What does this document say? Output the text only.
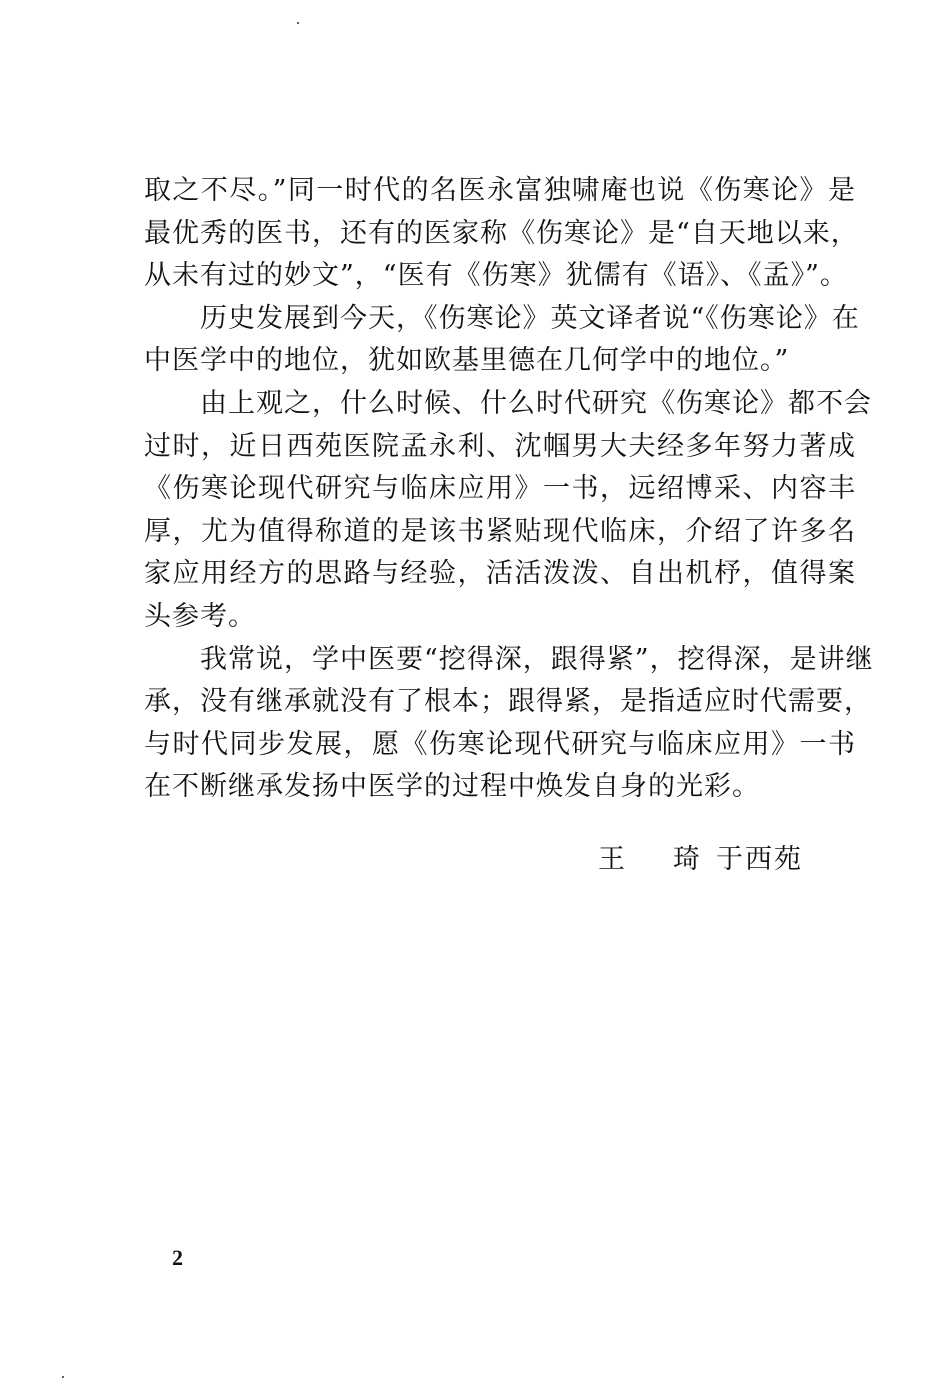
取之不尽。”同一时代的名医永富独啸庵也说《伤寒论》是
最优秀的医书，还有的医家称《伤寒论》是“自天地以来，
从未有过的妙文”，“医有《伤寒》犹儒有《语》、《孟》”。
历史发展到今天，《伤寒论》英文译者说“《伤寒论》在
中医学中的地位，犹如欧基里德在几何学中的地位。”
由上观之，什么时候、什么时代研究《伤寒论》都不会
过时，近日西苑医院孟永利、沈帼男大夫经多年努力著成
《伤寒论现代研究与临床应用》一书，远绍博采、内容丰
厚，尤为值得称道的是该书紧贴现代临床，介绍了许多名
家应用经方的思路与经验，活活泼泼、自出机杼，值得案
头参考。
我常说，学中医要“挖得深，跟得紧”，挖得深，是讲继
承，没有继承就没有了根本；跟得紧，是指适应时代需要，
与时代同步发展，愿《伤寒论现代研究与临床应用》一书
在不断继承发扬中医学的过程中焕发自身的光彩。
王 琦 于西苑
2
